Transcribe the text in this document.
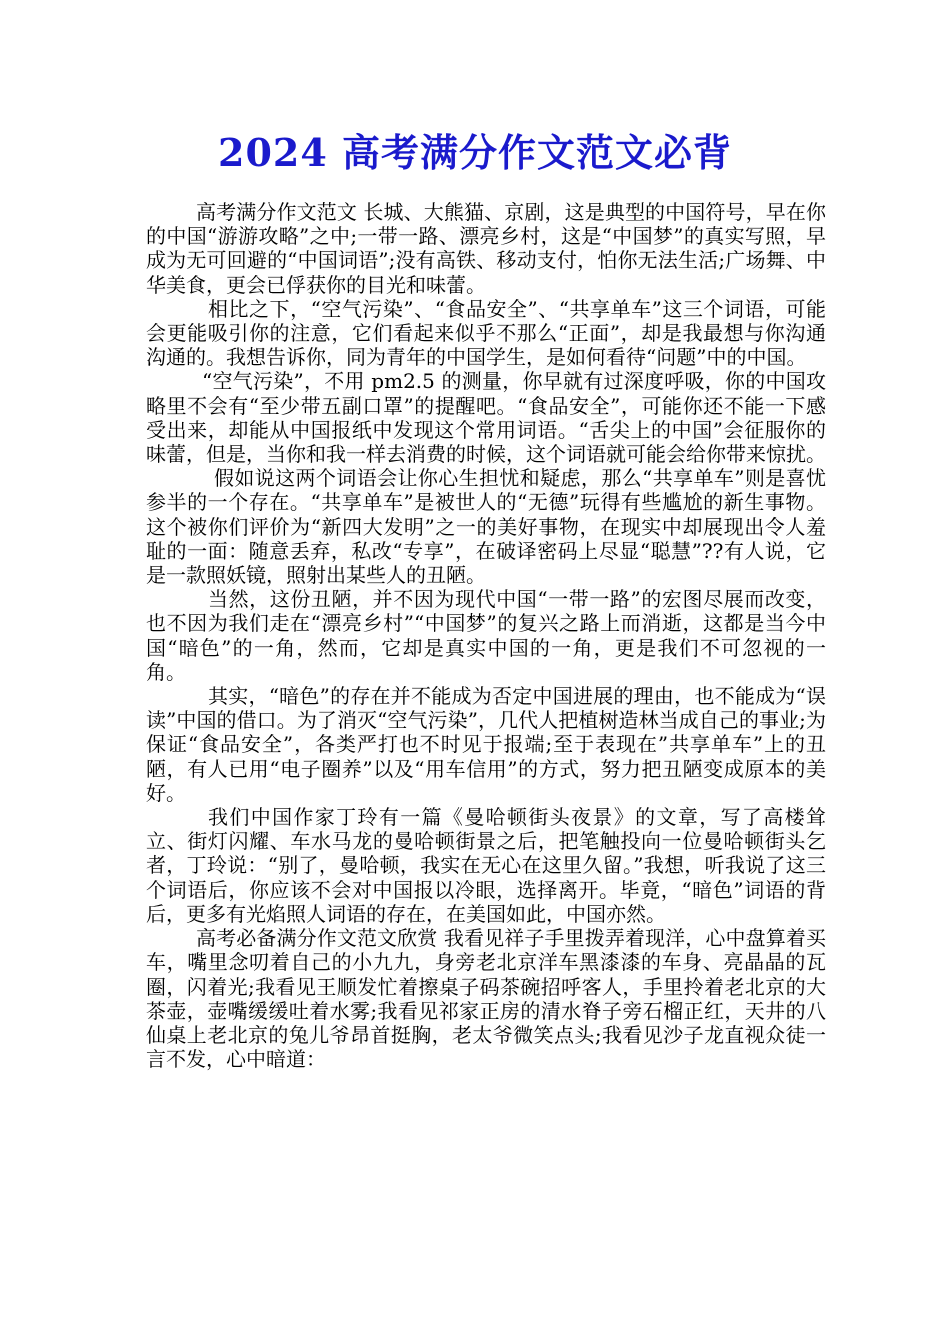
2024 高考满分作文范文必背

高考满分作文范文 长城、大熊猫、京剧，这是典型的中国符号，早在你的中国“游游攻略”之中;一带一路、漂亮乡村，这是“中国梦”的真实写照，早成为无可回避的“中国词语”;没有高铁、移动支付，怕你无法生活;广场舞、中华美食，更会已俘获你的目光和味蕾。

相比之下，“空气污染”、“食品安全”、“共享单车”这三个词语，可能会更能吸引你的注意，它们看起来似乎不那么“正面”，却是我最想与你沟通沟通的。我想告诉你，同为青年的中国学生，是如何看待“问题”中的中国。

“空气污染”，不用 pm2.5 的测量，你早就有过深度呼吸，你的中国攻略里不会有“至少带五副口罩”的提醒吧。“食品安全”，可能你还不能一下感受出来，却能从中国报纸中发现这个常用词语。“舌尖上的中国”会征服你的味蕾，但是，当你和我一样去消费的时候，这个词语就可能会给你带来惊扰。

假如说这两个词语会让你心生担忧和疑虑，那么“共享单车”则是喜忧参半的一个存在。“共享单车”是被世人的“无德”玩得有些尴尬的新生事物。这个被你们评价为“新四大发明”之一的美好事物，在现实中却展现出令人羞耻的一面：随意丢弃，私改“专享”，在破译密码上尽显“聪慧”??有人说，它是一款照妖镜，照射出某些人的丑陋。

当然，这份丑陋，并不因为现代中国“一带一路”的宏图尽展而改变，也不因为我们走在“漂亮乡村”“中国梦”的复兴之路上而消逝，这都是当今中国“暗色”的一角，然而，它却是真实中国的一角，更是我们不可忽视的一角。

其实，“暗色”的存在并不能成为否定中国进展的理由，也不能成为“误读”中国的借口。为了消灭“空气污染”，几代人把植树造林当成自己的事业;为保证“食品安全”，各类严打也不时见于报端;至于表现在”共享单车”上的丑陋，有人已用“电子圈养”以及“用车信用”的方式，努力把丑陋变成原本的美好。

我们中国作家丁玲有一篇《曼哈顿街头夜景》的文章，写了高楼耸立、街灯闪耀、车水马龙的曼哈顿街景之后，把笔触投向一位曼哈顿街头乞者，丁玲说：“别了，曼哈顿，我实在无心在这里久留。”我想，听我说了这三个词语后，你应该不会对中国报以冷眼，选择离开。毕竟，“暗色”词语的背后，更多有光焰照人词语的存在，在美国如此，中国亦然。

高考必备满分作文范文欣赏 我看见祥子手里拨弄着现洋，心中盘算着买车，嘴里念叨着自己的小九九，身旁老北京洋车黑漆漆的车身、亮晶晶的瓦圈，闪着光;我看见王顺发忙着擦桌子码茶碗招呼客人，手里拎着老北京的大茶壶，壶嘴缓缓吐着水雾;我看见祁家正房的清水脊子旁石榴正红，天井的八仙桌上老北京的兔儿爷昂首挺胸，老太爷微笑点头;我看见沙子龙直视众徒一言不发，心中暗道：
